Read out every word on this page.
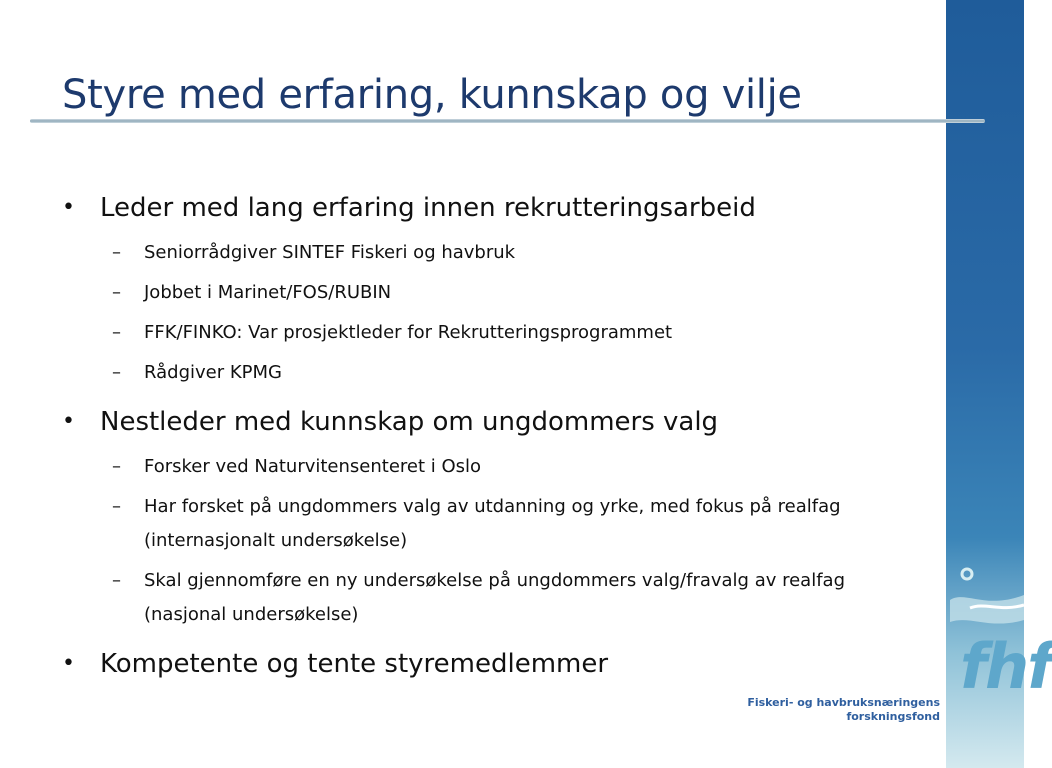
Styre med erfaring, kunnskap og vilje

• Leder med lang erfaring innen rekrutteringsarbeid

– Seniorrådgiver SINTEF Fiskeri og havbruk
– Jobbet i Marinet/FOS/RUBIN
– FFK/FINKO: Var prosjektleder for Rekrutteringsprogrammet
– Rådgiver KPMG

• Nestleder med kunnskap om ungdommers valg

– Forsker ved Naturvitensenteret i Oslo
– Har forsket på ungdommers valg av utdanning og yrke, med fokus på realfag (internasjonalt undersøkelse)
– Skal gjennomføre en ny undersøkelse på ungdommers valg/fravalg av realfag (nasjonal undersøkelse)

• Kompetente og tente styremedlemmer	fhf
Fiskeri- og havbruksnæringens
forskningsfond
